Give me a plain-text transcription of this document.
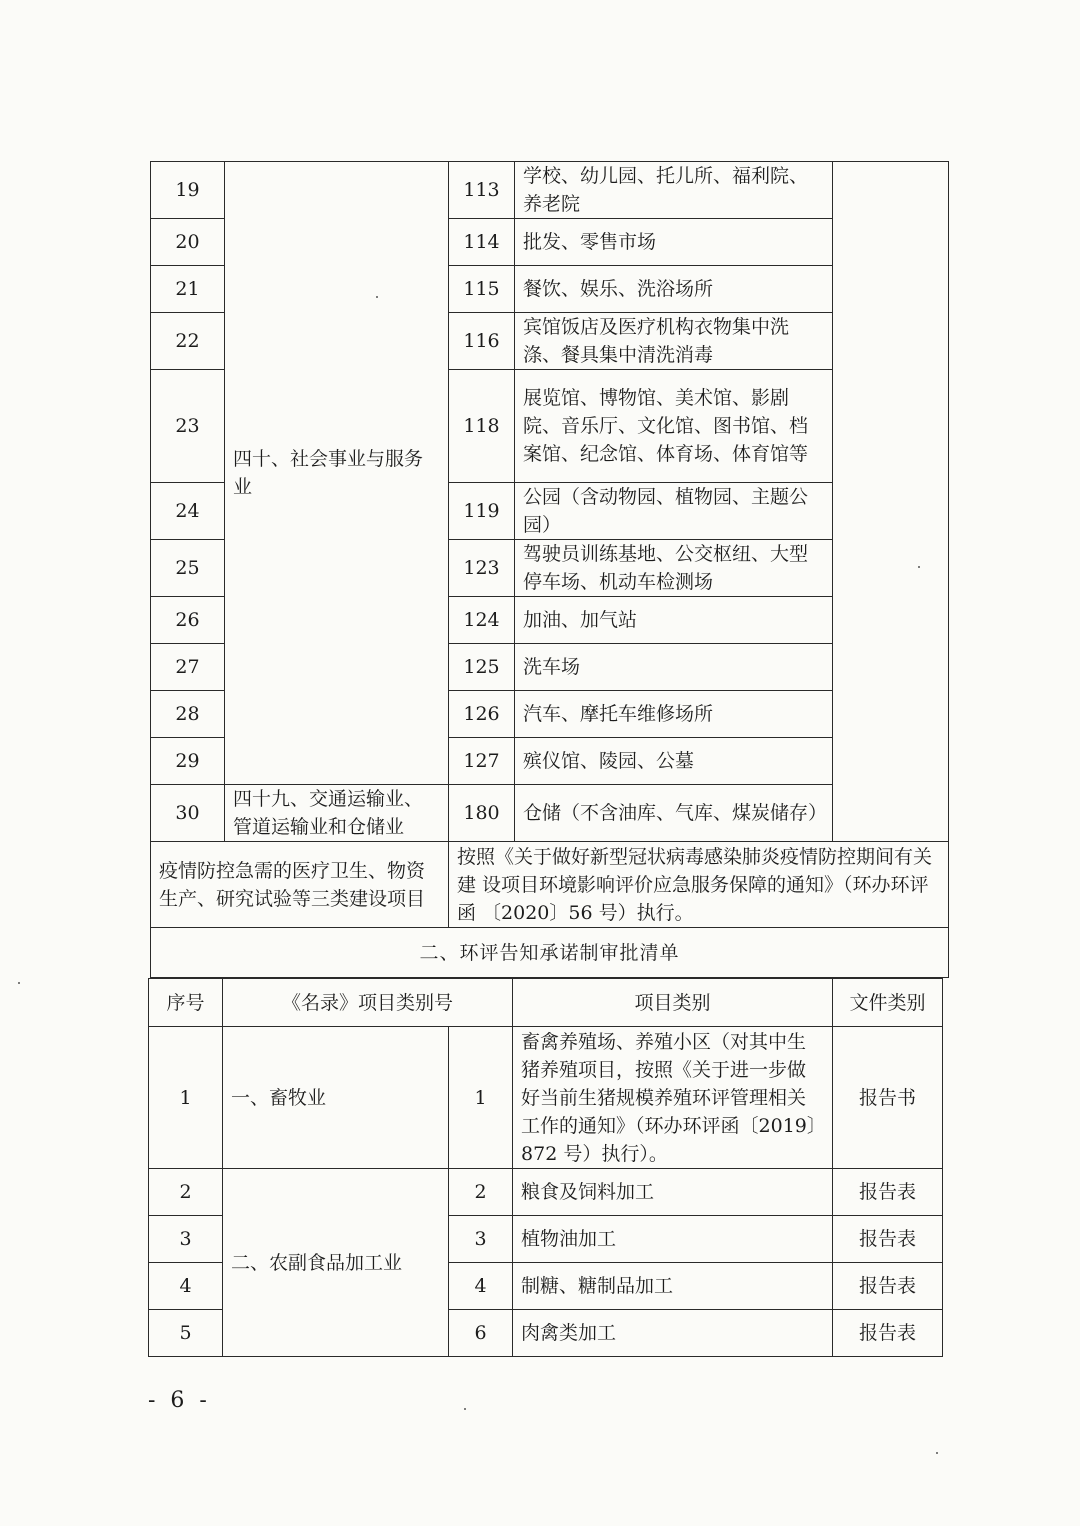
19	四十、社会事业与服务业	113	学校、幼儿园、托儿所、福利院、养老院	
20		114	批发、零售市场	
21		115	餐饮、娱乐、洗浴场所	
22		116	宾馆饭店及医疗机构衣物集中洗涤、餐具集中清洗消毒	
23		118	展览馆、博物馆、美术馆、影剧院、音乐厅、文化馆、图书馆、档案馆、纪念馆、体育场、体育馆等	
24		119	公园（含动物园、植物园、主题公园）	
25		123	驾驶员训练基地、公交枢纽、大型停车场、机动车检测场	
26		124	加油、加气站	
27		125	洗车场	
28		126	汽车、摩托车维修场所	
29		127	殡仪馆、陵园、公墓	
30	四十九、交通运输业、管道运输业和仓储业	180	仓储（不含油库、气库、煤炭储存）	
疫情防控急需的医疗卫生、物资 生产、研究试验等三类建设项目		按照《关于做好新型冠状病毒感染肺炎疫情防控期间有关建 设项目环境影响评价应急服务保障的通知》（环办环评函 〔2020〕56 号）执行。		
二、环评告知承诺制审批清单				
序号	《名录》项目类别号		项目类别	文件类别
1	一、畜牧业	1	畜禽养殖场、养殖小区（对其中生猪养殖项目，按照《关于进一步做好当前生猪规模养殖环评管理相关工作的通知》（环办环评函〔2019〕872 号）执行）。	报告书
2	二、农副食品加工业	2	粮食及饲料加工	报告表
3		3	植物油加工	报告表
4		4	制糖、糖制品加工	报告表
5		6	肉禽类加工	报告表
- 6 -
